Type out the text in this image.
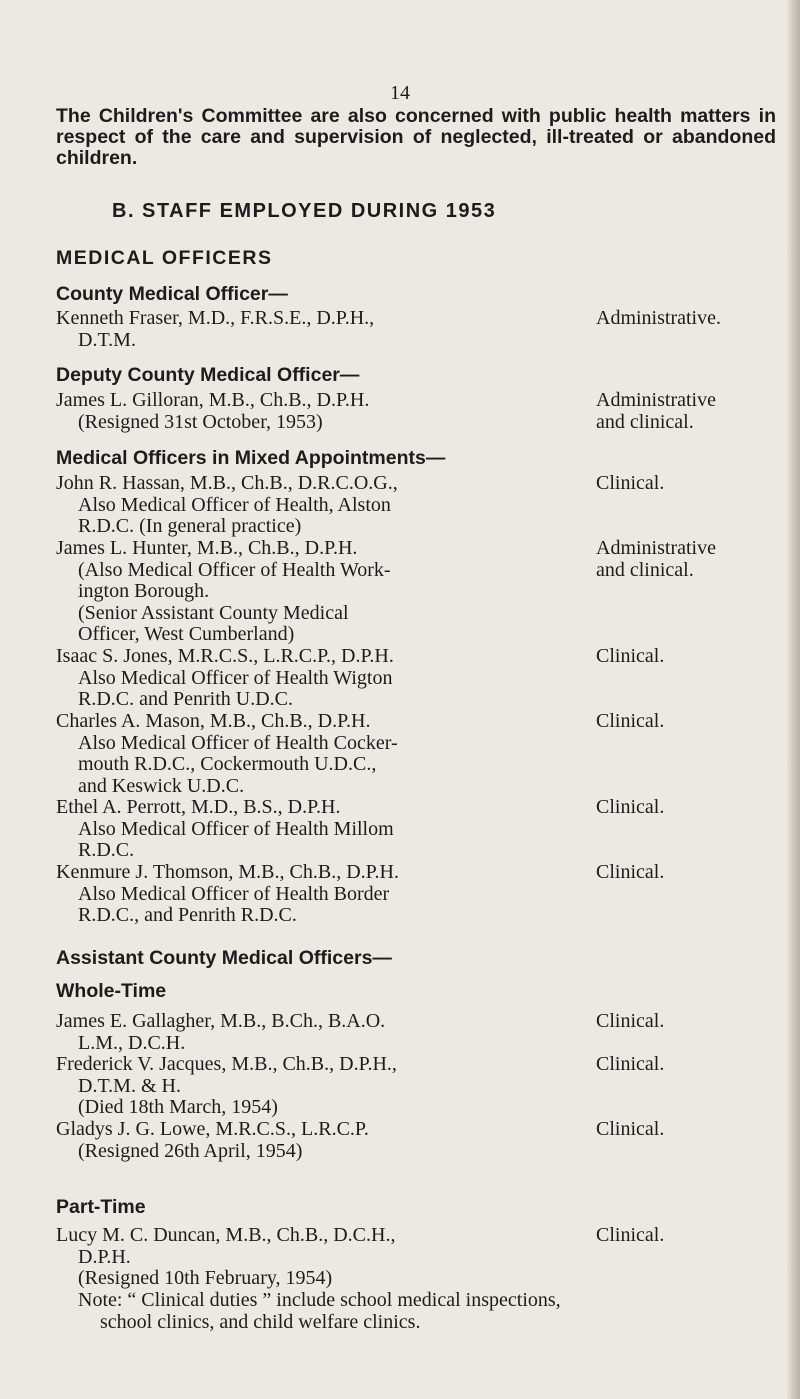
14
The Children's Committee are also concerned with public health matters in respect of the care and supervision of neglected, ill-treated or abandoned children.
B. STAFF EMPLOYED DURING 1953
MEDICAL OFFICERS
County Medical Officer—
Kenneth Fraser, M.D., F.R.S.E., D.P.H.,
D.T.M.
Administrative.
Deputy County Medical Officer—
James L. Gilloran, M.B., Ch.B., D.P.H.
(Resigned 31st October, 1953)
Administrative
and clinical.
Medical Officers in Mixed Appointments—
John R. Hassan, M.B., Ch.B., D.R.C.O.G.,
Also Medical Officer of Health, Alston
R.D.C. (In general practice)
Clinical.
James L. Hunter, M.B., Ch.B., D.P.H.
(Also Medical Officer of Health Work-
ington Borough.
(Senior Assistant County Medical
Officer, West Cumberland)
Administrative
and clinical.
Isaac S. Jones, M.R.C.S., L.R.C.P., D.P.H.
Also Medical Officer of Health Wigton
R.D.C. and Penrith U.D.C.
Clinical.
Charles A. Mason, M.B., Ch.B., D.P.H.
Also Medical Officer of Health Cocker-
mouth R.D.C., Cockermouth U.D.C.,
and Keswick U.D.C.
Clinical.
Ethel A. Perrott, M.D., B.S., D.P.H.
Also Medical Officer of Health Millom
R.D.C.
Clinical.
Kenmure J. Thomson, M.B., Ch.B., D.P.H.
Also Medical Officer of Health Border
R.D.C., and Penrith R.D.C.
Clinical.
Assistant County Medical Officers—
Whole-Time
James E. Gallagher, M.B., B.Ch., B.A.O.
L.M., D.C.H.
Clinical.
Frederick V. Jacques, M.B., Ch.B., D.P.H.,
D.T.M. & H.
(Died 18th March, 1954)
Clinical.
Gladys J. G. Lowe, M.R.C.S., L.R.C.P.
(Resigned 26th April, 1954)
Clinical.
Part-Time
Lucy M. C. Duncan, M.B., Ch.B., D.C.H.,
D.P.H.
(Resigned 10th February, 1954)
Clinical.
Note: “ Clinical duties ” include school medical inspections,
school clinics, and child welfare clinics.
